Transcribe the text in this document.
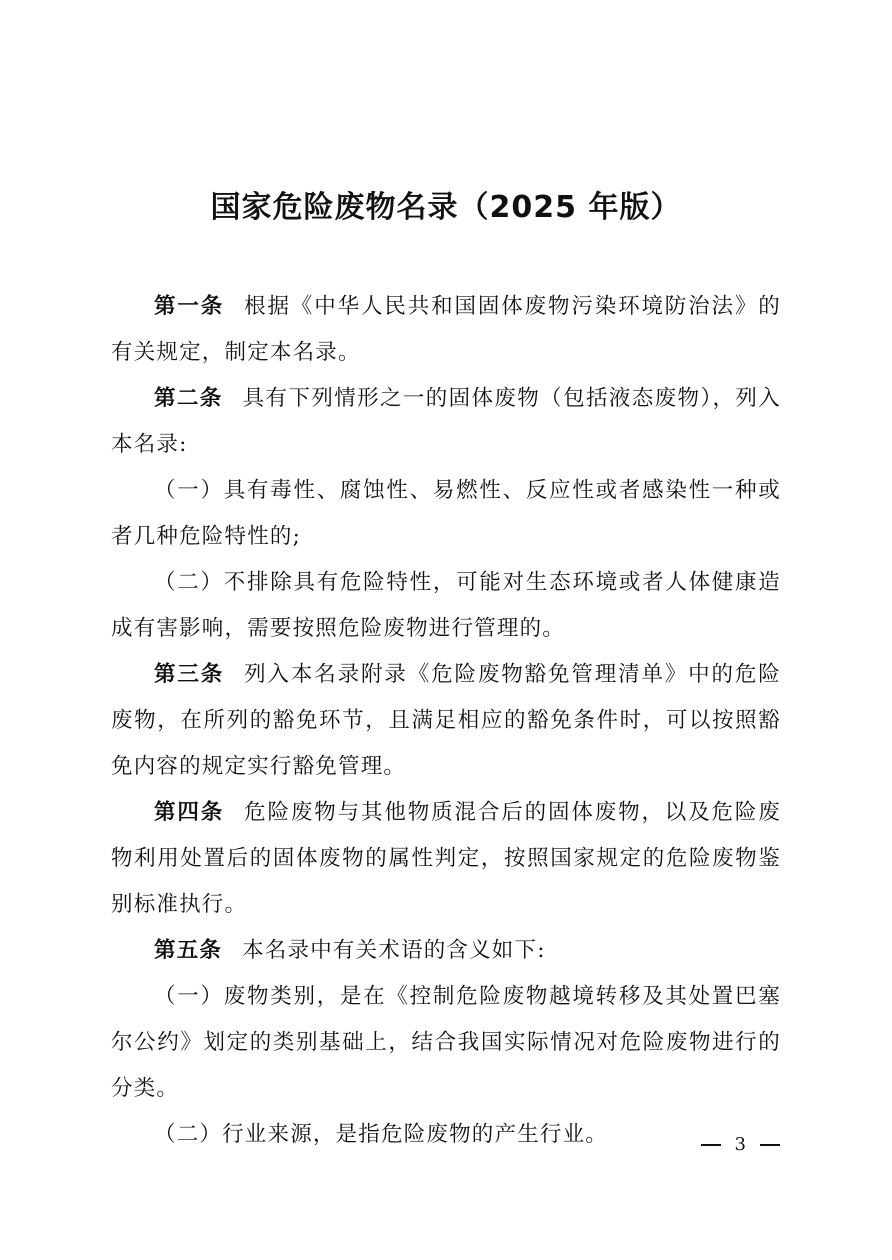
国家危险废物名录（2025 年版）

第一条 根据《中华人民共和国固体废物污染环境防治法》的有关规定，制定本名录。

第二条 具有下列情形之一的固体废物（包括液态废物），列入本名录:

（一）具有毒性、腐蚀性、易燃性、反应性或者感染性一种或者几种危险特性的;

（二）不排除具有危险特性，可能对生态环境或者人体健康造成有害影响，需要按照危险废物进行管理的。

第三条 列入本名录附录《危险废物豁免管理清单》中的危险废物，在所列的豁免环节，且满足相应的豁免条件时，可以按照豁免内容的规定实行豁免管理。

第四条 危险废物与其他物质混合后的固体废物，以及危险废物利用处置后的固体废物的属性判定，按照国家规定的危险废物鉴别标准执行。

第五条 本名录中有关术语的含义如下:

（一）废物类别，是在《控制危险废物越境转移及其处置巴塞尔公约》划定的类别基础上，结合我国实际情况对危险废物进行的分类。

（二）行业来源，是指危险废物的产生行业。	3
